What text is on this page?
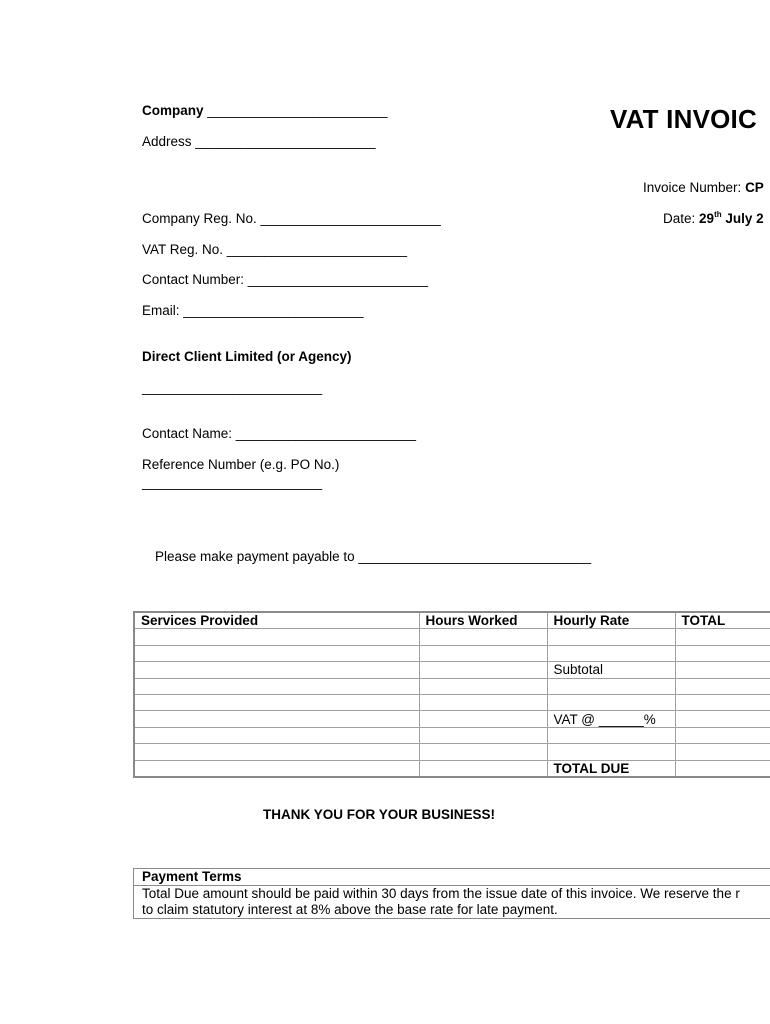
Company ________________________
Address ________________________
VAT INVOIC
Invoice Number: CP
Date: 29th July 2
Company Reg. No. ________________________
VAT Reg. No. ________________________
Contact Number: ________________________
Email: ________________________
Direct Client Limited (or Agency)
________________________
Contact Name: ________________________
Reference Number (e.g. PO No.)
________________________
Please make payment payable to _______________________________
Services Provided	Hours Worked	Hourly Rate	TOTAL

		Subtotal	

		VAT @ ______%	

		TOTAL DUE	
THANK YOU FOR YOUR BUSINESS!
Payment Terms

Total Due amount should be paid within 30 days from the issue date of this invoice. We reserve the r
to claim statutory interest at 8% above the base rate for late payment.
